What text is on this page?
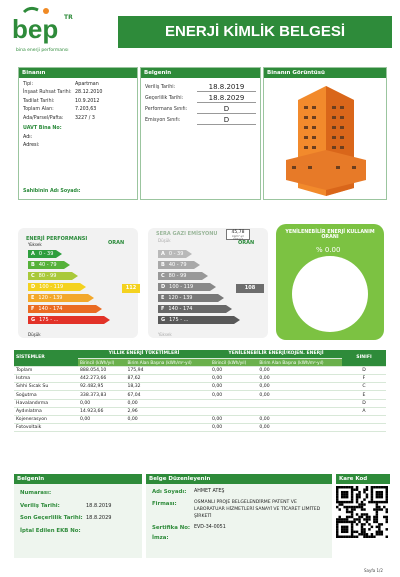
bep TR
bina enerji performansı
ENERJİ KİMLİK BELGESİ
Binanın
Tipi:	Apartman
İnşaat Ruhsat Tarihi: 28.12.2010
Tadilat Tarihi:	10.9.2012
Toplam Alan:	7.203,63
Ada/Parsel/Pafta:	3227 / 3
UAVT Bina No:
Adı:
Adresi:
Sahibinin Adı Soyadı:
Belgenin
Veriliş Tarihi:	18.8.2019
Geçerlilik Tarihi:	18.8.2029
Performans Sınıfı:	D
Emisyon Sınıfı:	D
Binanın Görüntüsü
ENERJİ PERFORMANSI
Yüksek	ORAN
A 0 - 39
B 40 - 79
C 80 - 99
D 100 - 119
E 120 - 139
F 140 - 174
G 175 - ...
Düşük
112
SERA GAZI EMİSYONU
Düşük
45,78
kg/m²-yıl CO2eşd
ORAN
A 0 - 39
B 40 - 79
C 80 - 99
D 100 - 119
E 120 - 139
F 140 - 174
G 175 - ...
Yüksek
108
YENİLENEBİLİR ENERJİ KULLANIM ORANI
% 0.00
SİSTEMLER	YILLIK ENERJİ TÜKETİMLERİ		YENİLENEBİLİR ENERJİ/KOJEN. ENERJİ		SINIFI
	Birincil (kWh/yıl)	Birim Alan Başına (kWh/m²-yıl)	Birincil (kWh/yıl)	Birim Alan Başına (kWh/m²-yıl)	
Toplam	888.054,10	175,94	0,00	0,00	D
Isıtma	442.273,66	87,62	0,00	0,00	F
Sıhhi Sıcak Su	92.482,95	18,32	0,00	0,00	C
Soğutma	338.373,83	67,04	0,00	0,00	E
Havalandırma	0,00	0,00			D
Aydınlatma	14.923,66	2,96			A
Kojenerasyon	0,00	0,00	0,00	0,00	
Fotovoltaik			0,00	0,00	
Belgenin
Numarası:
Veriliş Tarihi:	18.8.2019
Son Geçerlilik Tarihi: 18.8.2029
İptal Edilen EKB No:
Belge Düzenleyenin
Adı Soyadı:	AHMET ATEŞ
Firması:	OSMANLI PROJE BELGELENDİRME PATENT VE LABORATUAR HİZMETLERİ SANAYİ VE TİCARET LİMİTED ŞİRKETİ
Sertifika No: EVD-34-0051
İmza:
Kare Kod
Sayfa 1/2
